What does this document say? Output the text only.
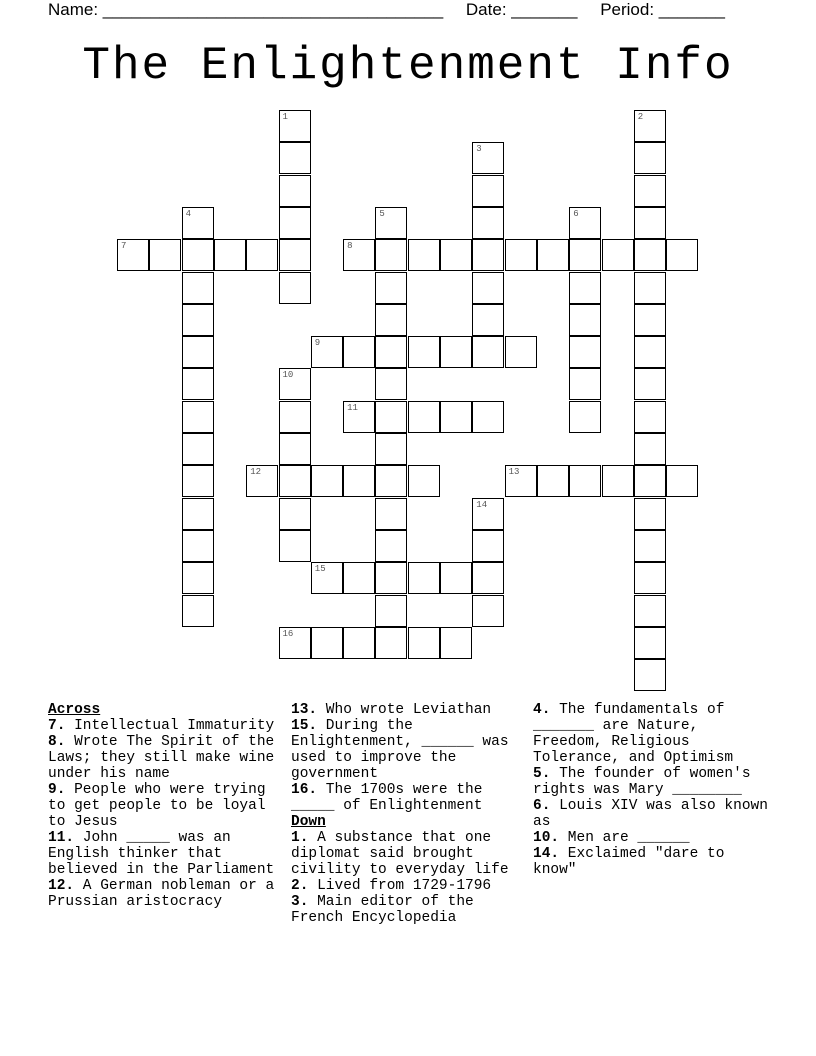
Name: ____________________________________ Date: _______ Period: _______
The Enlightenment Info
1	2
3
4	5	6
7	8
9
10
11
12	13
14
15
16
Across
7. Intellectual Immaturity
8. Wrote The Spirit of the Laws; they still make wine under his name
9. People who were trying to get people to be loyal to Jesus
11. John _____ was an English thinker that believed in the Parliament
12. A German nobleman or a Prussian aristocracy
13. Who wrote Leviathan
15. During the Enlightenment, ______ was used to improve the government
16. The 1700s were the _____ of Enlightenment
Down
1. A substance that one diplomat said brought civility to everyday life
2. Lived from 1729-1796
3. Main editor of the French Encyclopedia
4. The fundamentals of _______ are Nature, Freedom, Religious Tolerance, and Optimism
5. The founder of women's rights was Mary ________
6. Louis XIV was also known as
10. Men are ______
14. Exclaimed "dare to know"
